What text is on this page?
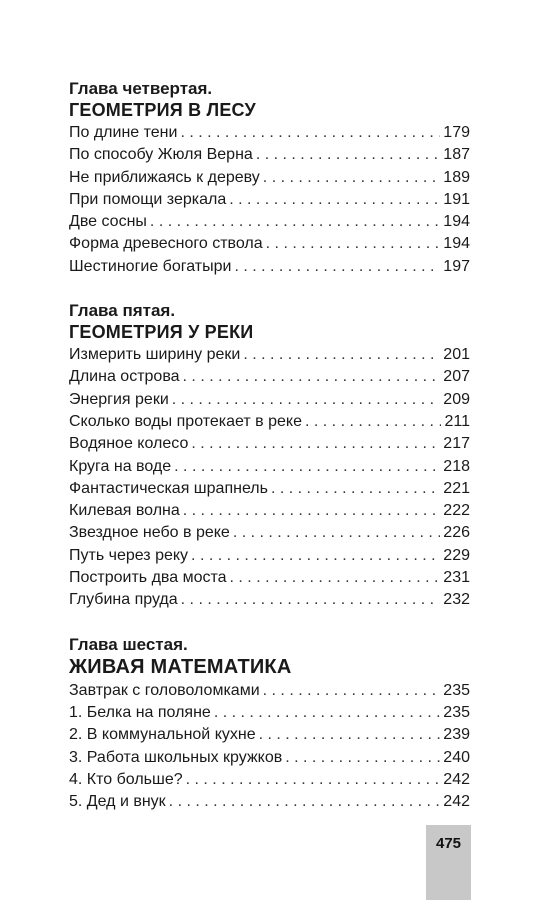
Глава четвертая.
ГЕОМЕТРИЯ В ЛЕСУ
По длине тени . . .	179
По способу Жюля Верна . . .	187
Не приближаясь к дереву . . .	189
При помощи зеркала . . .	191
Две сосны . . .	194
Форма древесного ствола . . .	194
Шестиногие богатыри . . .	197
Глава пятая.
ГЕОМЕТРИЯ У РЕКИ
Измерить ширину реки . . .	201
Длина острова . . .	207
Энергия реки . . .	209
Сколько воды протекает в реке . . .	211
Водяное колесо . . .	217
Круга на воде . . .	218
Фантастическая шрапнель . . .	221
Килевая волна . . .	222
Звездное небо в реке . . .	226
Путь через реку . . .	229
Построить два моста . . .	231
Глубина пруда . . .	232
Глава шестая.
ЖИВАЯ МАТЕМАТИКА
Завтрак с головоломками . . .	235
1. Белка на поляне . . .	235
2. В коммунальной кухне . . .	239
3. Работа школьных кружков . . .	240
4. Кто больше? . . .	242
5. Дед и внук . . .	242
475
